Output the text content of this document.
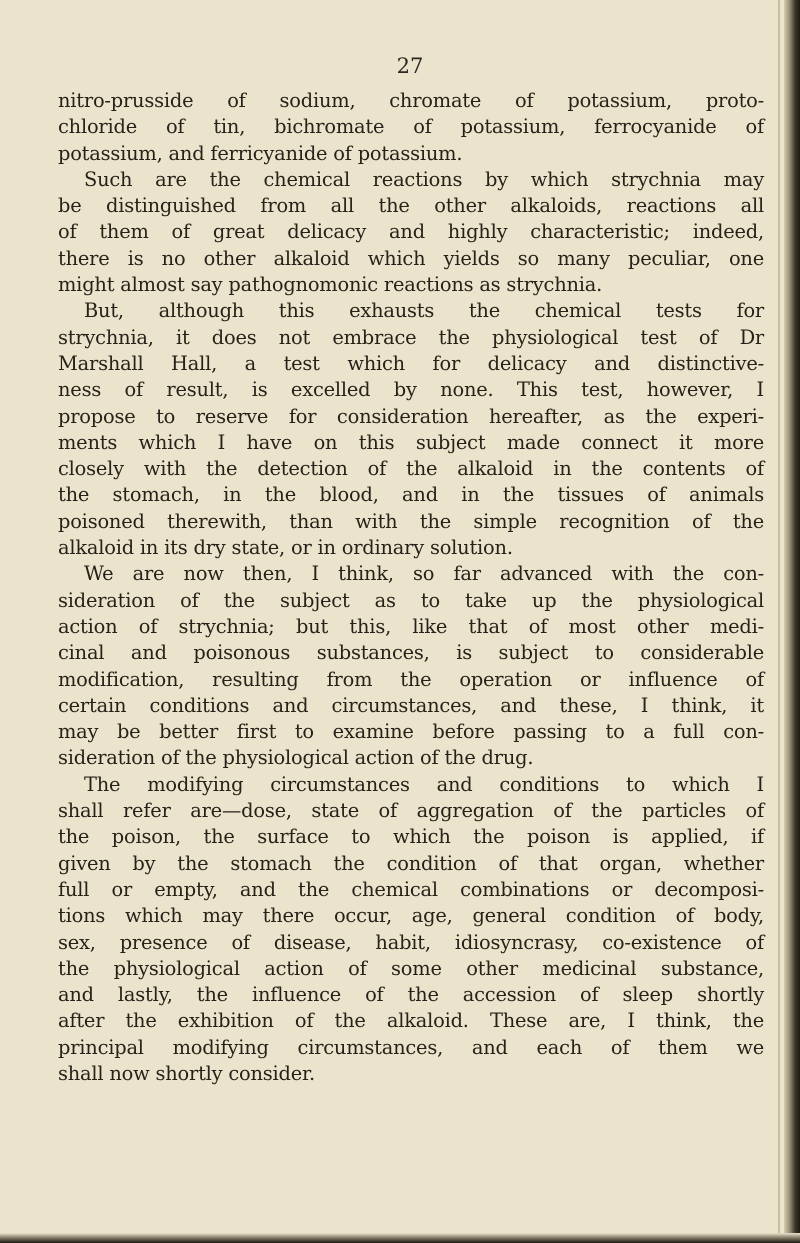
27
nitro-prusside of sodium, chromate of potassium, proto-
chloride of tin, bichromate of potassium, ferrocyanide of
potassium, and ferricyanide of potassium.
Such are the chemical reactions by which strychnia may
be distinguished from all the other alkaloids, reactions all
of them of great delicacy and highly characteristic; indeed,
there is no other alkaloid which yields so many peculiar, one
might almost say pathognomonic reactions as strychnia.
But, although this exhausts the chemical tests for
strychnia, it does not embrace the physiological test of Dr
Marshall Hall, a test which for delicacy and distinctive-
ness of result, is excelled by none. This test, however, I
propose to reserve for consideration hereafter, as the experi-
ments which I have on this subject made connect it more
closely with the detection of the alkaloid in the contents of
the stomach, in the blood, and in the tissues of animals
poisoned therewith, than with the simple recognition of the
alkaloid in its dry state, or in ordinary solution.
We are now then, I think, so far advanced with the con-
sideration of the subject as to take up the physiological
action of strychnia; but this, like that of most other medi-
cinal and poisonous substances, is subject to considerable
modification, resulting from the operation or influence of
certain conditions and circumstances, and these, I think, it
may be better first to examine before passing to a full con-
sideration of the physiological action of the drug.
The modifying circumstances and conditions to which I
shall refer are—dose, state of aggregation of the particles of
the poison, the surface to which the poison is applied, if
given by the stomach the condition of that organ, whether
full or empty, and the chemical combinations or decomposi-
tions which may there occur, age, general condition of body,
sex, presence of disease, habit, idiosyncrasy, co-existence of
the physiological action of some other medicinal substance,
and lastly, the influence of the accession of sleep shortly
after the exhibition of the alkaloid. These are, I think, the
principal modifying circumstances, and each of them we
shall now shortly consider.
